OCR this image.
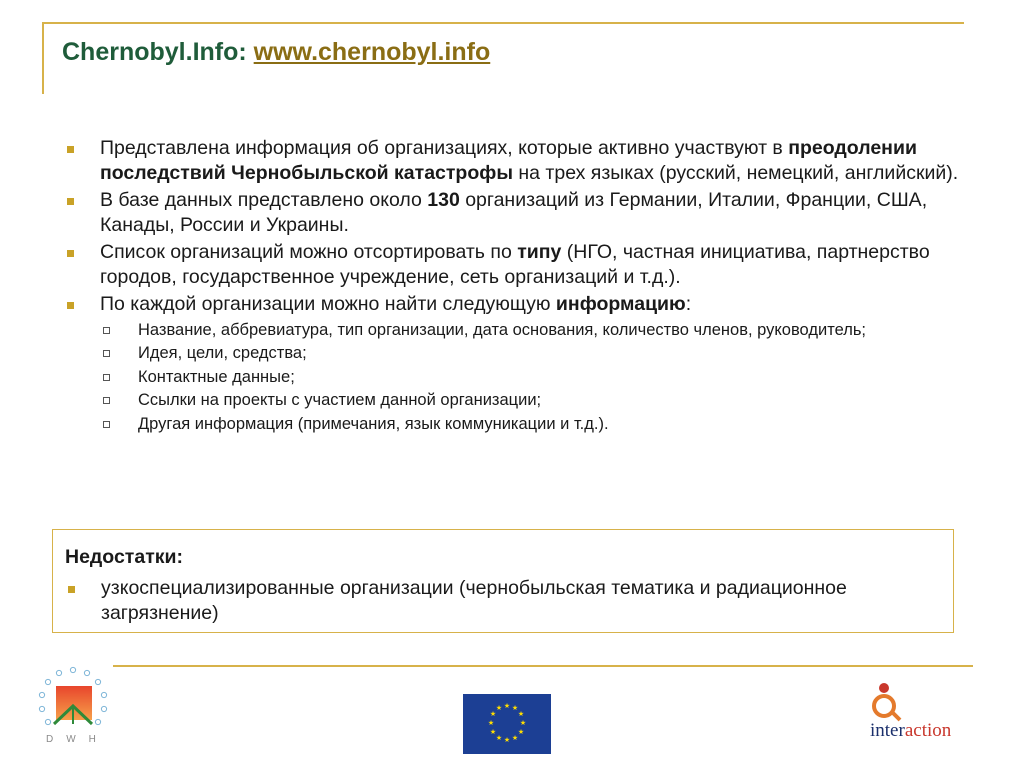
Chernobyl.Info: www.chernobyl.info
Представлена информация об организациях, которые активно участвуют в преодолении последствий Чернобыльской катастрофы на трех языках (русский, немецкий, английский).
В базе данных представлено около 130 организаций из Германии, Италии, Франции, США, Канады, России и Украины.
Список организаций можно отсортировать по типу (НГО, частная инициатива, партнерство городов, государственное учреждение, сеть организаций и т.д.).
По каждой организации можно найти следующую информацию:
Название, аббревиатура, тип организации, дата основания, количество членов, руководитель;
Идея, цели, средства;
Контактные данные;
Ссылки на проекты с участием данной организации;
Другая информация (примечания, язык коммуникации и т.д.).
Недостатки:
узкоспециализированные организации (чернобыльская тематика и радиационное загрязнение)
DWH
★ ★
★
★
★
★
★
★
★
★
★
★
interaction
